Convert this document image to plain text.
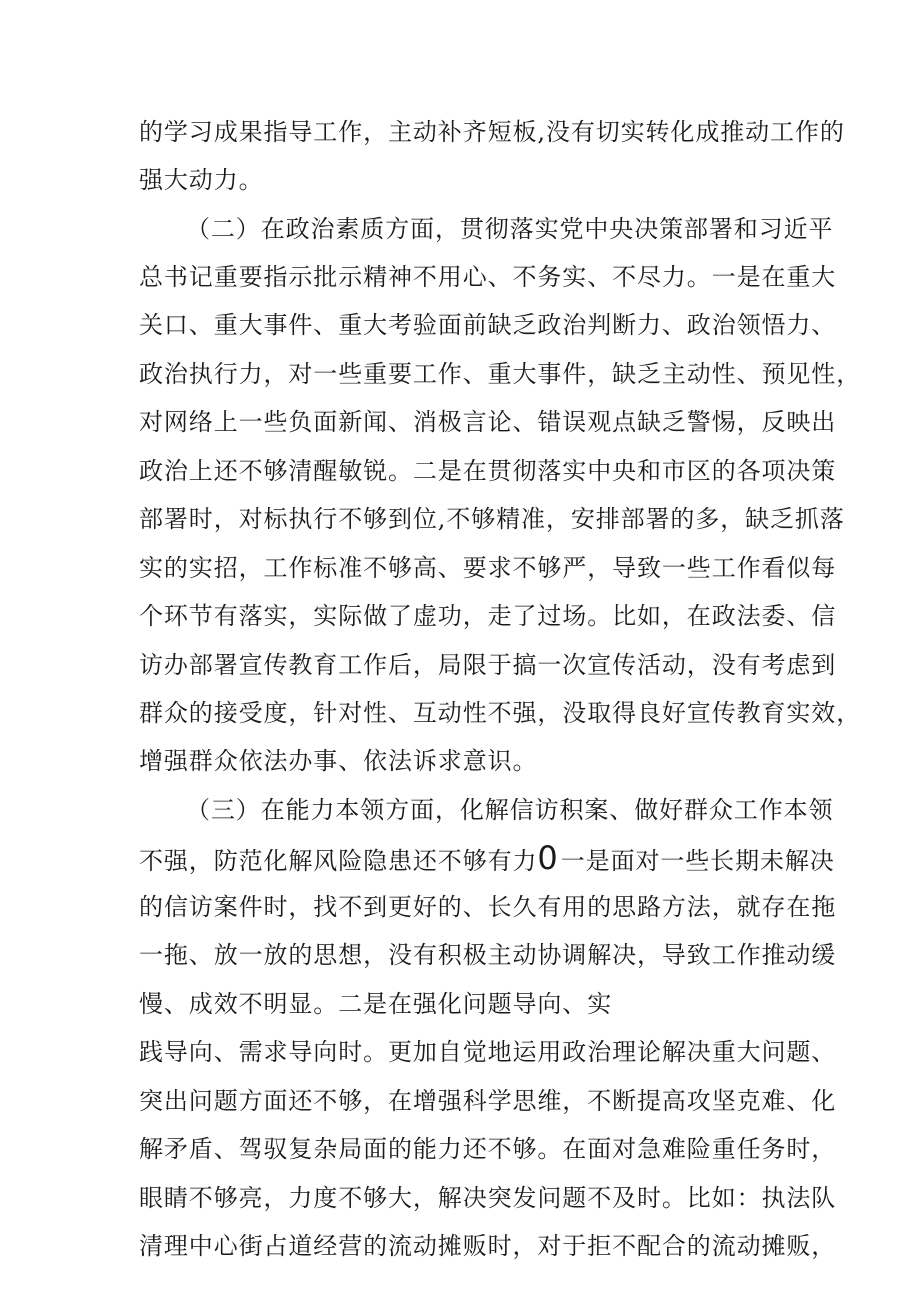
的学习成果指导工作，主动补齐短板,没有切实转化成推动工作的
强大动力。
（二）在政治素质方面，贯彻落实党中央决策部署和习近平
总书记重要指示批示精神不用心、不务实、不尽力。一是在重大
关口、重大事件、重大考验面前缺乏政治判断力、政治领悟力、
政治执行力，对一些重要工作、重大事件，缺乏主动性、预见性，
对网络上一些负面新闻、消极言论、错误观点缺乏警惕，反映出
政治上还不够清醒敏锐。二是在贯彻落实中央和市区的各项决策
部署时，对标执行不够到位,不够精准，安排部署的多，缺乏抓落
实的实招，工作标准不够高、要求不够严，导致一些工作看似每
个环节有落实，实际做了虚功，走了过场。比如，在政法委、信
访办部署宣传教育工作后，局限于搞一次宣传活动，没有考虑到
群众的接受度，针对性、互动性不强，没取得良好宣传教育实效，
增强群众依法办事、依法诉求意识。
（三）在能力本领方面，化解信访积案、做好群众工作本领
不强，防范化解风险隐患还不够有力0一是面对一些长期未解决
的信访案件时，找不到更好的、长久有用的思路方法，就存在拖
一拖、放一放的思想，没有积极主动协调解决，导致工作推动缓
慢、成效不明显。二是在强化问题导向、实
践导向、需求导向时。更加自觉地运用政治理论解决重大问题、
突出问题方面还不够，在增强科学思维，不断提高攻坚克难、化
解矛盾、驾驭复杂局面的能力还不够。在面对急难险重任务时，
眼睛不够亮，力度不够大，解决突发问题不及时。比如：执法队
清理中心街占道经营的流动摊贩时，对于拒不配合的流动摊贩，
